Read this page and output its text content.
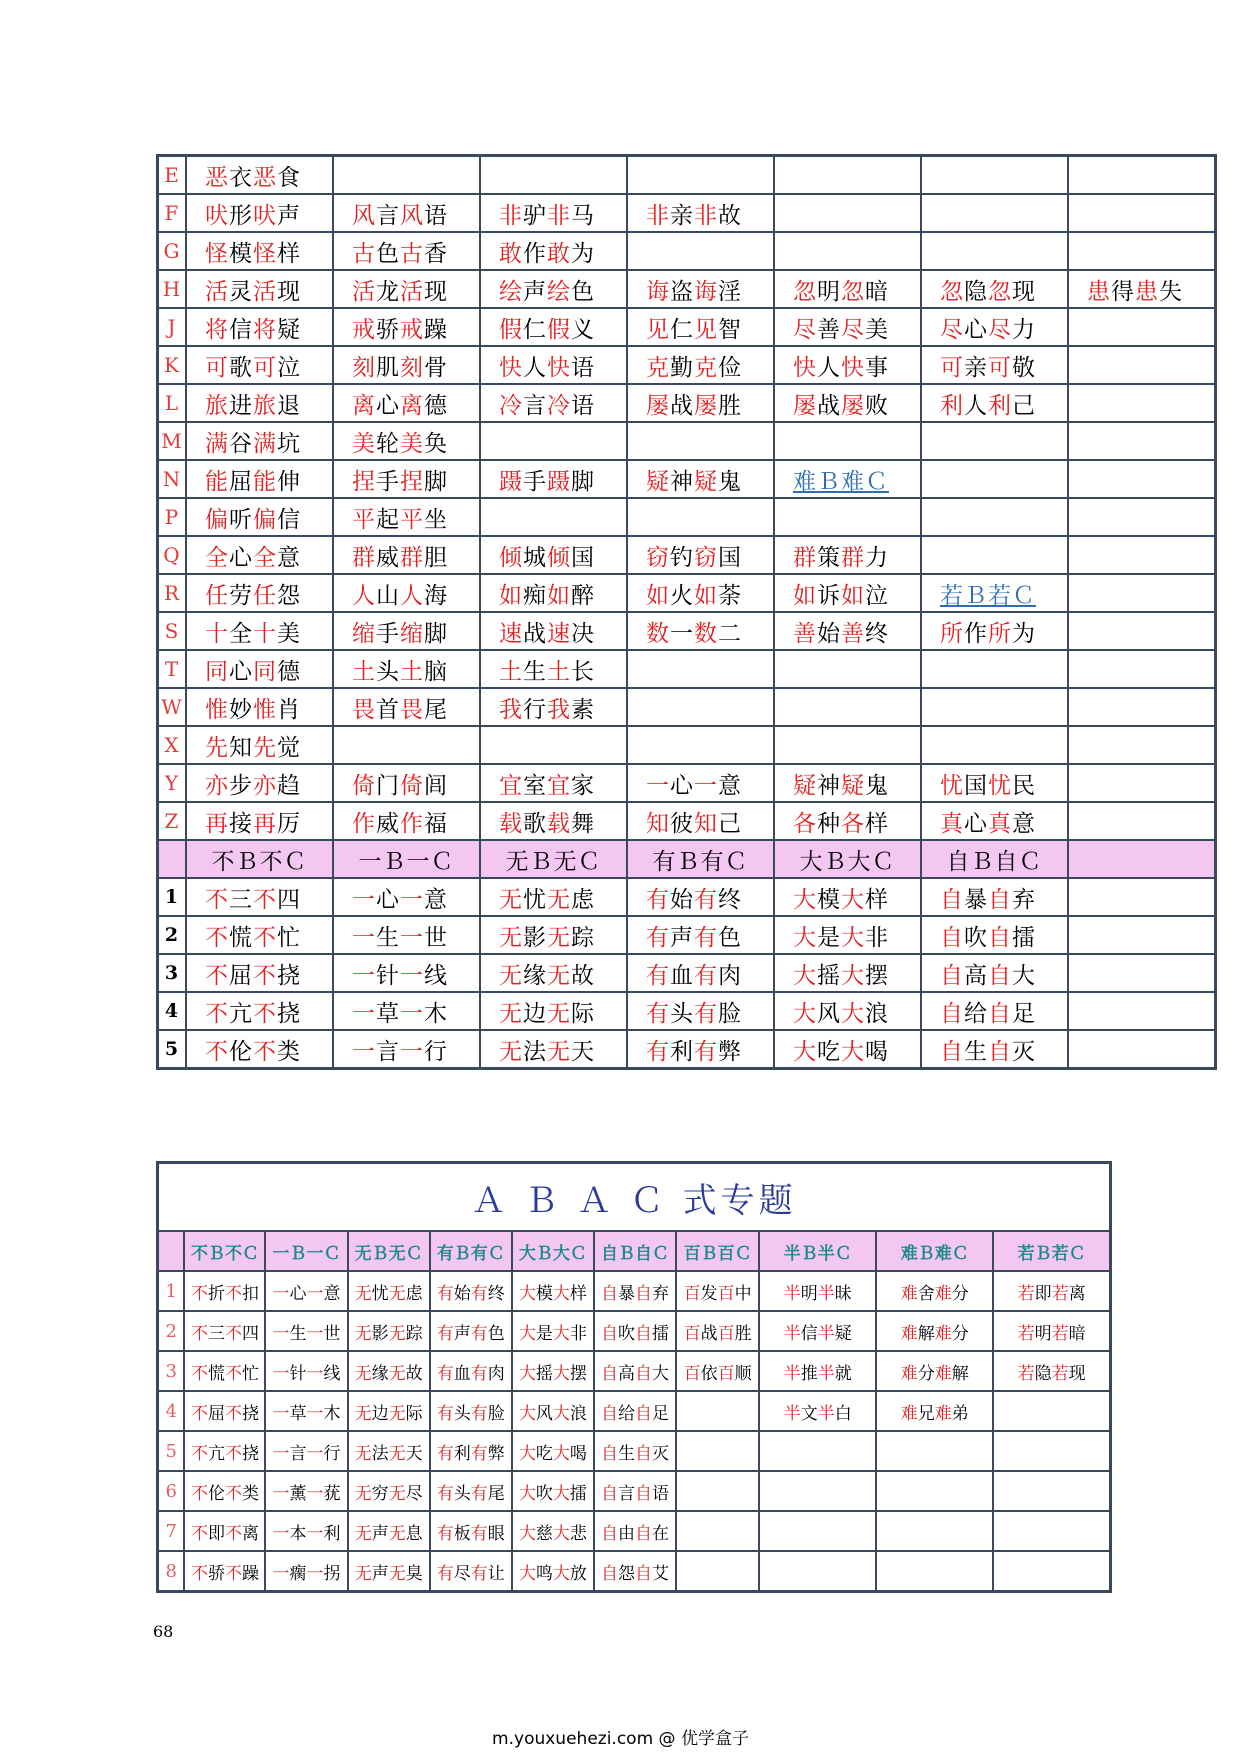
E	恶衣恶食						
F	吠形吠声	风言风语	非驴非马	非亲非故			
G	怪模怪样	古色古香	敢作敢为				
H	活灵活现	活龙活现	绘声绘色	诲盗诲淫	忽明忽暗	忽隐忽现	患得患失
J	将信将疑	戒骄戒躁	假仁假义	见仁见智	尽善尽美	尽心尽力	
K	可歌可泣	刻肌刻骨	快人快语	克勤克俭	快人快事	可亲可敬	
L	旅进旅退	离心离德	冷言冷语	屡战屡胜	屡战屡败	利人利己	
M	满谷满坑	美轮美奂					
N	能屈能伸	捏手捏脚	蹑手蹑脚	疑神疑鬼	难Ｂ难Ｃ		
P	偏听偏信	平起平坐					
Q	全心全意	群威群胆	倾城倾国	窃钓窃国	群策群力		
R	任劳任怨	人山人海	如痴如醉	如火如荼	如诉如泣	若Ｂ若Ｃ	
S	十全十美	缩手缩脚	速战速决	数一数二	善始善终	所作所为	
T	同心同德	土头土脑	土生土长				
W	惟妙惟肖	畏首畏尾	我行我素				
X	先知先觉						
Y	亦步亦趋	倚门倚闾	宜室宜家	一心一意	疑神疑鬼	忧国忧民	
Z	再接再厉	作威作福	载歌载舞	知彼知己	各种各样	真心真意	
	不Ｂ不Ｃ	一Ｂ一Ｃ	无Ｂ无Ｃ	有Ｂ有Ｃ	大Ｂ大Ｃ	自Ｂ自Ｃ	
1	不三不四	一心一意	无忧无虑	有始有终	大模大样	自暴自弃	
2	不慌不忙	一生一世	无影无踪	有声有色	大是大非	自吹自擂	
3	不屈不挠	一针一线	无缘无故	有血有肉	大摇大摆	自高自大	
4	不亢不挠	一草一木	无边无际	有头有脸	大风大浪	自给自足	
5	不伦不类	一言一行	无法无天	有利有弊	大吃大喝	自生自灭	
Ａ Ｂ Ａ Ｃ 式专题										
	不Ｂ不Ｃ	一Ｂ一Ｃ	无Ｂ无Ｃ	有Ｂ有Ｃ	大Ｂ大Ｃ	自Ｂ自Ｃ	百Ｂ百Ｃ	半Ｂ半Ｃ	难Ｂ难Ｃ	若Ｂ若Ｃ
1	不折不扣	一心一意	无忧无虑	有始有终	大模大样	自暴自弃	百发百中	半明半昧	难舍难分	若即若离
2	不三不四	一生一世	无影无踪	有声有色	大是大非	自吹自擂	百战百胜	半信半疑	难解难分	若明若暗
3	不慌不忙	一针一线	无缘无故	有血有肉	大摇大摆	自高自大	百依百顺	半推半就	难分难解	若隐若现
4	不屈不挠	一草一木	无边无际	有头有脸	大风大浪	自给自足		半文半白	难兄难弟	
5	不亢不挠	一言一行	无法无天	有利有弊	大吃大喝	自生自灭				
6	不伦不类	一薰一莸	无穷无尽	有头有尾	大吹大擂	自言自语				
7	不即不离	一本一利	无声无息	有板有眼	大慈大悲	自由自在				
8	不骄不躁	一瘸一拐	无声无臭	有尽有让	大鸣大放	自怨自艾				
68
m.youxuehezi.com @ 优学盒子
